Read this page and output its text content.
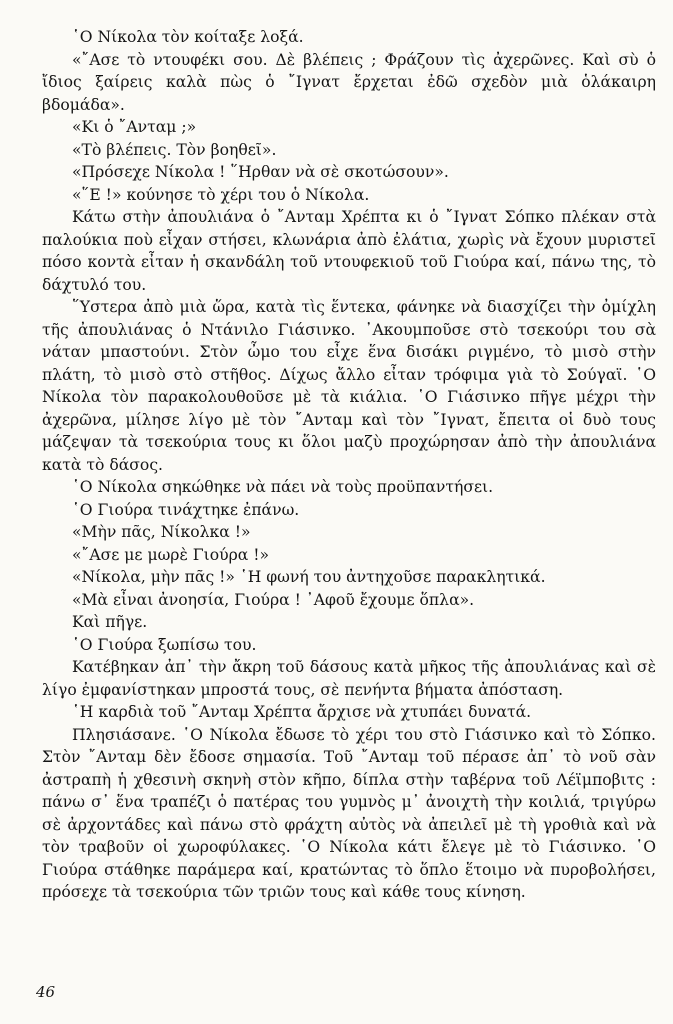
῾Ο Νίκολα τὸν κοίταξε λοξά.

«῎Ασε τὸ ντουφέκι σου. Δὲ βλέπεις ; Φράζουν τὶς ἀχερῶνες. Καὶ σὺ ὁ ἴδιος ξαίρεις καλὰ πὼς ὁ ῎Ιγνατ ἔρχεται ἐδῶ σχεδὸν μιὰ ὁλάκαιρη βδομάδα».

«Κι ὁ ῎Ανταμ ;»

«Τὸ βλέπεις. Τὸν βοηθεῖ».

«Πρόσεχε Νίκολα ! ῞Ηρθαν νὰ σὲ σκοτώσουν».

«῞Ε !» κούνησε τὸ χέρι του ὁ Νίκολα.

Κάτω στὴν ἀπουλιάνα ὁ ῎Ανταμ Χρέπτα κι ὁ ῎Ιγνατ Σόπκο πλέκαν στὰ παλούκια ποὺ εἶχαν στήσει, κλωνάρια ἀπὸ ἐλάτια, χωρὶς νὰ ἔχουν μυριστεῖ πόσο κοντὰ εἶταν ἡ σκανδάλη τοῦ ντουφεκιοῦ τοῦ Γιούρα καί, πάνω της, τὸ δάχτυλό του.

῞Υστερα ἀπὸ μιὰ ὥρα, κατὰ τὶς ἕντεκα, φάνηκε νὰ διασχίζει τὴν ὀμίχλη τῆς ἀπουλιάνας ὁ Ντάνιλο Γιάσινκο. ᾿Ακουμποῦσε στὸ τσεκούρι του σὰ νάταν μπαστούνι. Στὸν ὦμο του εἶχε ἕνα δισάκι ριγμένο, τὸ μισὸ στὴν πλάτη, τὸ μισὸ στὸ στῆθος. Δίχως ἄλλο εἶταν τρόφιμα γιὰ τὸ Σούγαϊ. ῾Ο Νίκολα τὸν παρακολουθοῦσε μὲ τὰ κιάλια. ῾Ο Γιάσινκο πῆγε μέχρι τὴν ἀχερῶνα, μίλησε λίγο μὲ τὸν ῎Ανταμ καὶ τὸν ῎Ιγνατ, ἔπειτα οἱ δυὸ τους μάζεψαν τὰ τσεκούρια τους κι ὅλοι μαζὺ προχώρησαν ἀπὸ τὴν ἀπουλιάνα κατὰ τὸ δάσος.

῾Ο Νίκολα σηκώθηκε νὰ πάει νὰ τοὺς προϋπαντήσει.

῾Ο Γιούρα τινάχτηκε ἐπάνω.

«Μὴν πᾶς, Νίκολκα !»

«῎Ασε με μωρὲ Γιούρα !»

«Νίκολα, μὴν πᾶς !» ῾Η φωνή του ἀντηχοῦσε παρακλητικά.

«Μὰ εἶναι ἀνοησία, Γιούρα ! ᾿Αφοῦ ἔχουμε ὅπλα».

Καὶ πῆγε.

῾Ο Γιούρα ξωπίσω του.

Κατέβηκαν ἀπ᾿ τὴν ἄκρη τοῦ δάσους κατὰ μῆκος τῆς ἀπουλιάνας καὶ σὲ λίγο ἐμφανίστηκαν μπροστά τους, σὲ πενήντα βήματα ἀπόσταση.

῾Η καρδιὰ τοῦ ῎Ανταμ Χρέπτα ἄρχισε νὰ χτυπάει δυνατά.

Πλησιάσανε. ῾Ο Νίκολα ἔδωσε τὸ χέρι του στὸ Γιάσινκο καὶ τὸ Σόπκο. Στὸν ῎Ανταμ δὲν ἔδοσε σημασία. Τοῦ ῎Ανταμ τοῦ πέρασε ἀπ᾿ τὸ νοῦ σὰν ἀστραπὴ ἡ χθεσινὴ σκηνὴ στὸν κῆπο, δίπλα στὴν ταβέρνα τοῦ Λέϊμποβιτς : πάνω σ᾿ ἕνα τραπέζι ὁ πατέρας του γυμνὸς μ᾿ ἀνοιχτὴ τὴν κοιλιά, τριγύρω σὲ ἀρχοντάδες καὶ πάνω στὸ φράχτη αὐτὸς νὰ ἀπειλεῖ μὲ τὴ γροθιὰ καὶ νὰ τὸν τραβοῦν οἱ χωροφύλακες. ῾Ο Νίκολα κάτι ἔλεγε μὲ τὸ Γιάσινκο. ῾Ο Γιούρα στάθηκε παράμερα καί, κρατώντας τὸ ὅπλο ἕτοιμο νὰ πυροβολήσει, πρόσεχε τὰ τσεκούρια τῶν τριῶν τους καὶ κάθε τους κίνηση.

46
